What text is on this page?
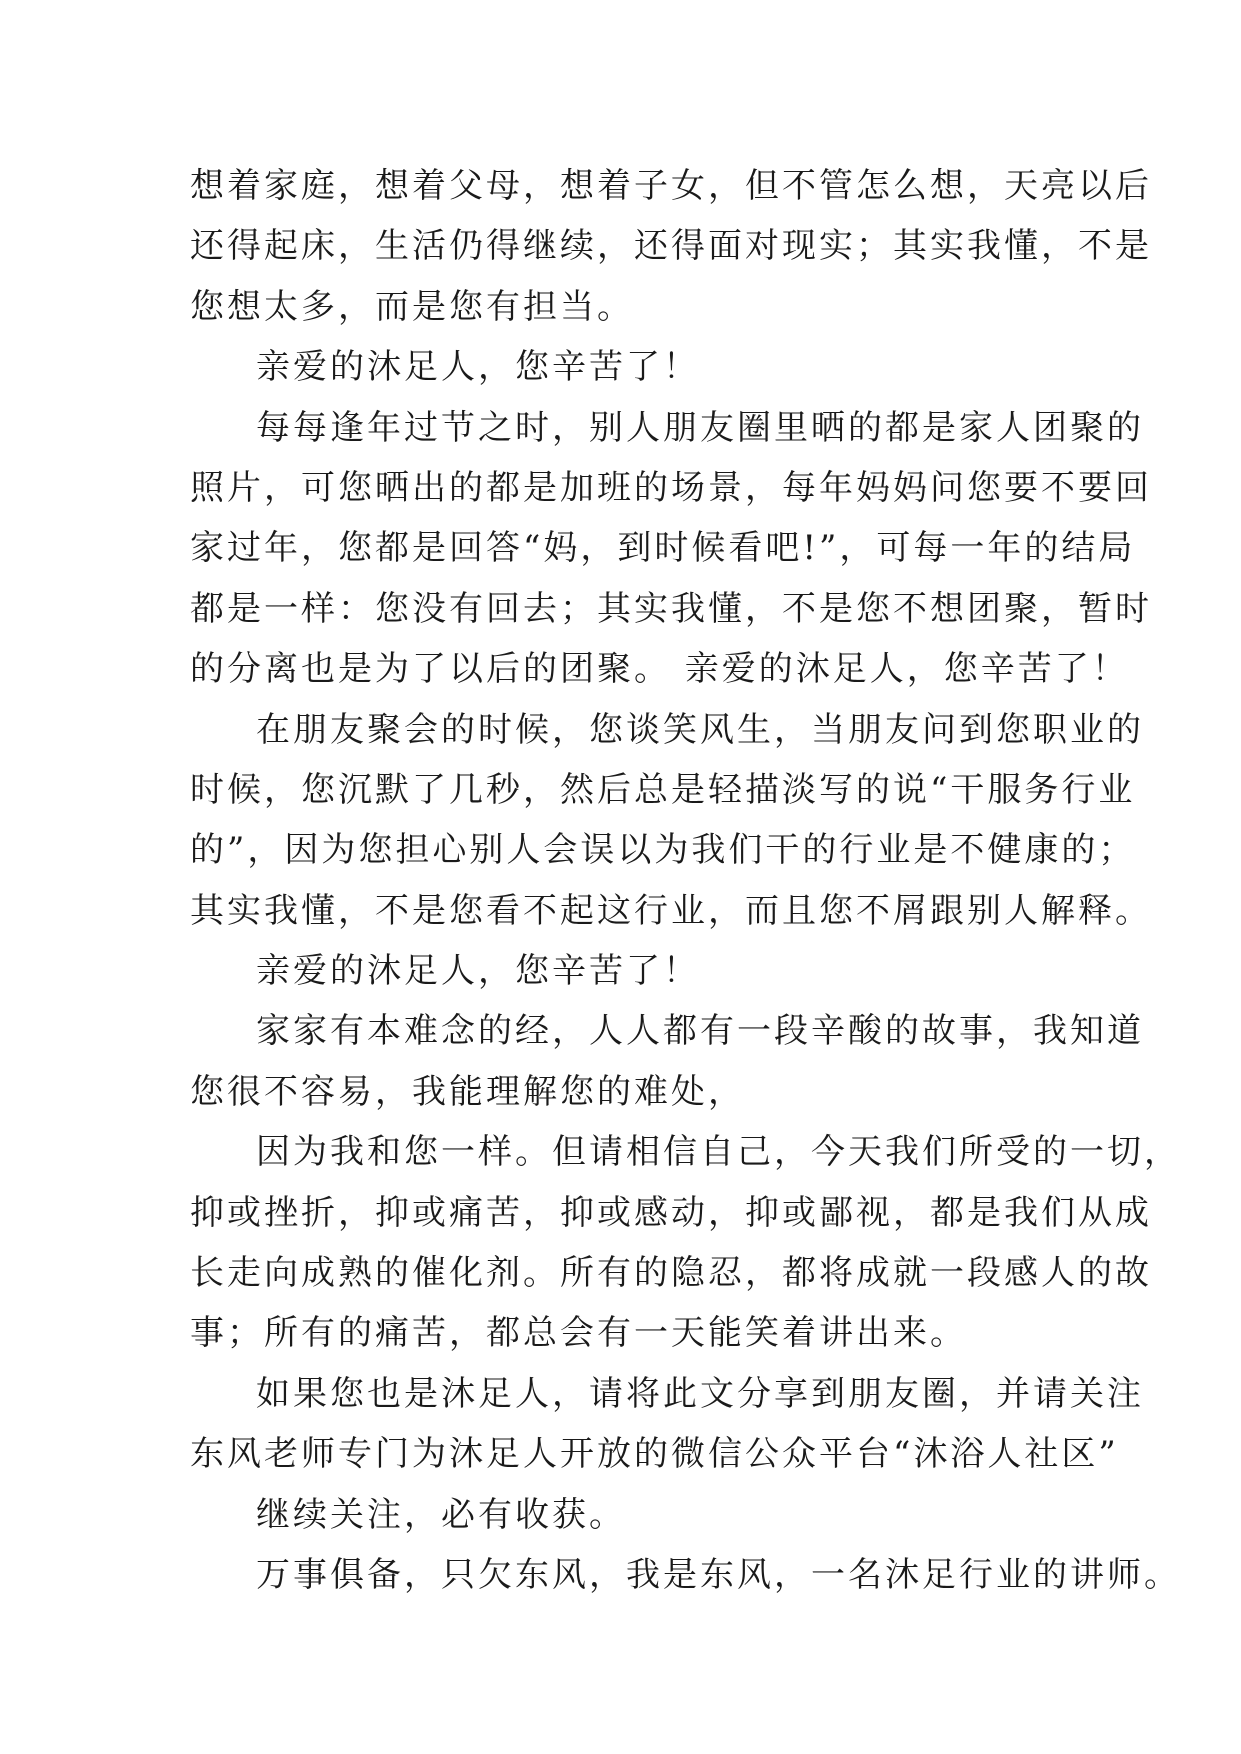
想着家庭，想着父母，想着子女，但不管怎么想，天亮以后
还得起床，生活仍得继续，还得面对现实；其实我懂，不是
您想太多，而是您有担当。
亲爱的沐足人，您辛苦了！
每每逢年过节之时，别人朋友圈里晒的都是家人团聚的
照片，可您晒出的都是加班的场景，每年妈妈问您要不要回
家过年，您都是回答“妈，到时候看吧!”，可每一年的结局
都是一样：您没有回去；其实我懂，不是您不想团聚，暂时
的分离也是为了以后的团聚。 亲爱的沐足人，您辛苦了！
在朋友聚会的时候，您谈笑风生，当朋友问到您职业的
时候，您沉默了几秒，然后总是轻描淡写的说“干服务行业
的”，因为您担心别人会误以为我们干的行业是不健康的；
其实我懂，不是您看不起这行业，而且您不屑跟别人解释。
亲爱的沐足人，您辛苦了！
家家有本难念的经，人人都有一段辛酸的故事，我知道
您很不容易，我能理解您的难处，
因为我和您一样。但请相信自己，今天我们所受的一切，
抑或挫折，抑或痛苦，抑或感动，抑或鄙视，都是我们从成
长走向成熟的催化剂。所有的隐忍，都将成就一段感人的故
事；所有的痛苦，都总会有一天能笑着讲出来。
如果您也是沐足人，请将此文分享到朋友圈，并请关注
东风老师专门为沐足人开放的微信公众平台“沐浴人社区”
继续关注，必有收获。
万事俱备，只欠东风，我是东风，一名沐足行业的讲师。
